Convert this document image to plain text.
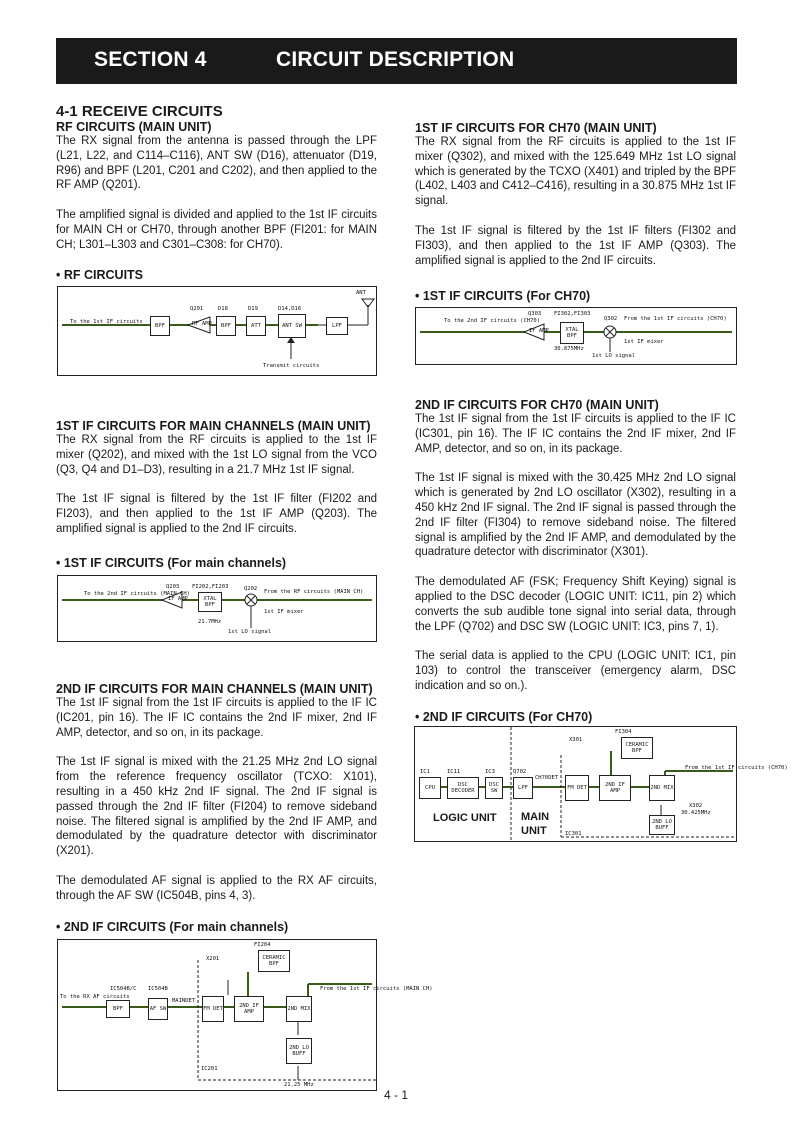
SECTION 4	CIRCUIT DESCRIPTION
4-1 RECEIVE CIRCUITS
RF CIRCUITS (MAIN UNIT)

The RX signal from the antenna is passed through the LPF (L21, L22, and C114–C116), ANT SW (D16), attenuator (D19, R96) and BPF (L201, C201 and C202), and then applied to the RF AMP (Q201).

The amplified signal is divided and applied to the 1st IF circuits for MAIN CH or CH70, through another BPF (FI201: for MAIN CH; L301–L303 and C301–C308: for CH70).

• RF CIRCUITS
To the 1st IF circuits
BPF
Q201
RF AMP
D18
BPF
D19
ATT
D14,D16
ANT SW	LPF
ANT
Transmit circuits
1ST IF CIRCUITS FOR MAIN CHANNELS (MAIN UNIT)

The RX signal from the RF circuits is applied to the 1st IF mixer (Q202), and mixed with the 1st LO signal from the VCO (Q3, Q4 and D1–D3), resulting in a 21.7 MHz 1st IF signal.

The 1st IF signal is filtered by the 1st IF filter (FI202 and FI203), and then applied to the 1st IF AMP (Q203). The amplified signal is applied to the 2nd IF circuits.

• 1ST IF CIRCUITS (For main channels)
To the 2nd IF circuits (MAIN CH)
Q203
IF AMP
FI202,FI203
XTAL BPF
Q202 From the RF circuits (MAIN CH)
21.7MHz
1st IF mixer
1st LO signal
2ND IF CIRCUITS FOR MAIN CHANNELS (MAIN UNIT)

The 1st IF signal from the 1st IF circuits is applied to the IF IC (IC201, pin 16). The IF IC contains the 2nd IF mixer, 2nd IF AMP, detector, and so on, in its package.

The 1st IF signal is mixed with the 21.25 MHz 2nd LO signal from the reference frequency oscillator (TCXO: X101), resulting in a 450 kHz 2nd IF signal. The 2nd IF signal is passed through the 2nd IF filter (FI204) to remove sideband noise. The filtered signal is amplified by the 2nd IF AMP, and demodulated by the quadrature detector with discriminator (X201).

The demodulated AF signal is applied to the RX AF circuits, through the AF SW (IC504B, pins 4, 3).

• 2ND IF CIRCUITS (For main channels)
FI204
CERAMIC BPF
X201
IC504B/C IC504B
To the RX AF circuits
BPF	AF SW
MAINDET
FM DET	2ND IF AMP	2ND MIX
From the 1st IF circuits (MAIN CH)
2ND LO BUFF
IC201
21.25 MHz
1ST IF CIRCUITS FOR CH70 (MAIN UNIT)

The RX signal from the RF circuits is applied to the 1st IF mixer (Q302), and mixed with the 125.649 MHz 1st LO signal which is generated by the TCXO (X401) and tripled by the BPF (L402, L403 and C412–C416), resulting in a 30.875 MHz 1st IF signal.

The 1st IF signal is filtered by the 1st IF filters (FI302 and FI303), and then applied to the 1st IF AMP (Q303). The amplified signal is applied to the 2nd IF circuits.

• 1ST IF CIRCUITS (For CH70)
To the 2nd IF circuits (CH70)
Q303
IF AMP
FI302,FI303
XTAL BPF
Q302 From the 1st IF circuits (CH70)
30.875MHz
1st IF mixer
1st LO signal
2ND IF CIRCUITS FOR CH70 (MAIN UNIT)

The 1st IF signal from the 1st IF circuits is applied to the IF IC (IC301, pin 16). The IF IC contains the 2nd IF mixer, 2nd IF AMP, detector, and so on, in its package.

The 1st IF signal is mixed with the 30.425 MHz 2nd LO signal which is generated by 2nd LO oscillator (X302), resulting in a 450 kHz 2nd IF signal. The 2nd IF signal is passed through the 2nd IF filter (FI304) to remove sideband noise. The filtered signal is amplified by the 2nd IF AMP, and demodulated by the quadrature detector with discriminator (X301).

The demodulated AF (FSK; Frequency Shift Keying) signal is applied to the DSC decoder (LOGIC UNIT: IC11, pin 2) which converts the sub audible tone signal into serial data, through the LPF (Q702) and DSC SW (LOGIC UNIT: IC3, pins 7, 1).

The serial data is applied to the CPU (LOGIC UNIT: IC1, pin 103) to control the transceiver (emergency alarm, DSC indication and so on.).

• 2ND IF CIRCUITS (For CH70)
FI304
CERAMIC BPF
X301
IC1	IC11	IC3	Q702
CPU	DSC DECODER
DSC SW	LPF
CH70DET
FM DET	2ND IF AMP	2ND MIX
From the 1st IF circuits (CH70)
X302
30.425MHz
2ND LO BUFF
LOGIC UNIT MAIN
UNIT	IC301
4 - 1
